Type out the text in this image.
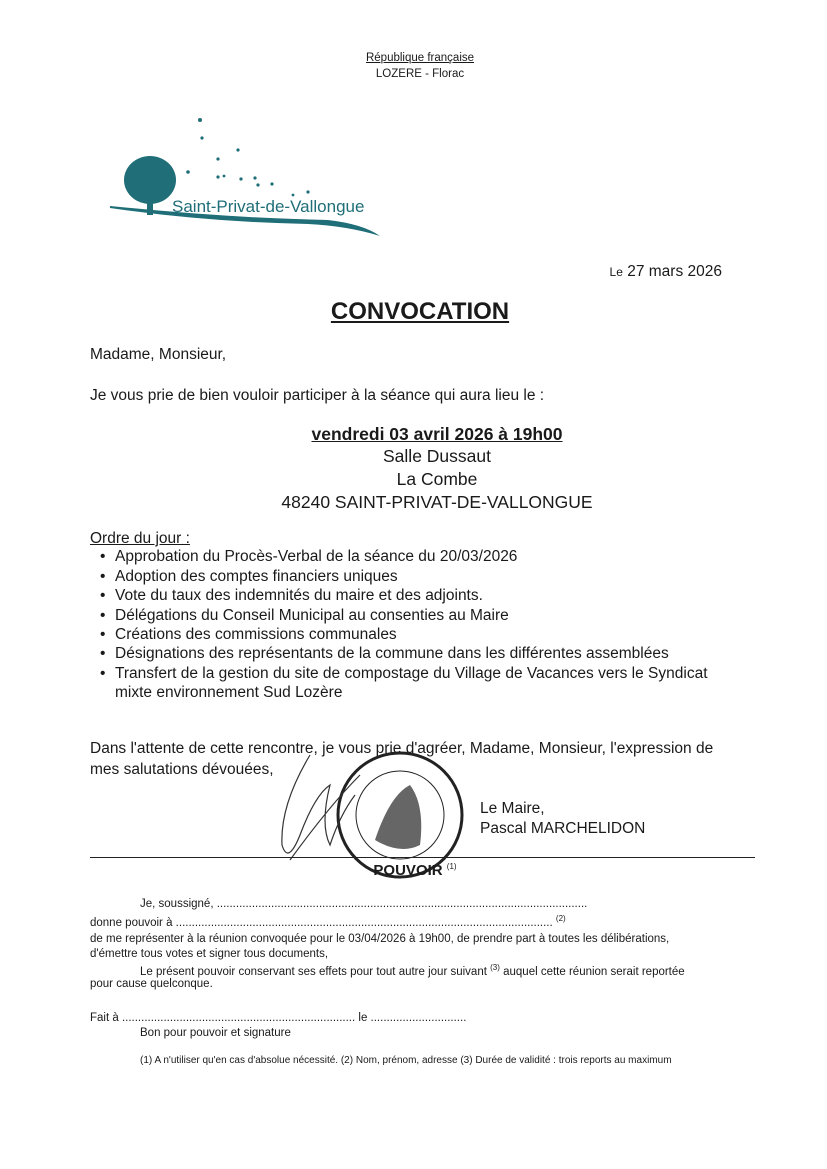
République française
LOZERE - Florac
Saint-Privat-de-Vallongue
Le 27 mars 2026
CONVOCATION
Madame, Monsieur,
Je vous prie de bien vouloir participer à la séance qui aura lieu le :
vendredi 03 avril 2026 à 19h00
Salle Dussaut
La Combe
48240 SAINT-PRIVAT-DE-VALLONGUE
Ordre du jour :
Approbation du Procès-Verbal de la séance du 20/03/2026
Adoption des comptes financiers uniques
Vote du taux des indemnités du maire et des adjoints.
Délégations du Conseil Municipal au consenties au Maire
Créations des commissions communales
Désignations des représentants de la commune dans les différentes assemblées
Transfert de la gestion du site de compostage du Village de Vacances vers le Syndicat
mixte environnement Sud Lozère
Dans l'attente de cette rencontre, je vous prie d'agréer, Madame, Monsieur, l'expression de
mes salutations dévouées,
Le Maire,
Pascal MARCHELIDON
POUVOIR $^{(1)}$
Je, soussigné, ....................................................................................................................
donne pouvoir à ...................................................................................................................... $^{(2)}$
de me représenter à la réunion convoquée pour le 03/04/2026 à 19h00, de prendre part à toutes les délibérations,
d'émettre tous votes et signer tous documents,
Le présent pouvoir conservant ses effets pour tout autre jour suivant $^{(3)}$ auquel cette réunion serait reportée
pour cause quelconque.
Fait à ......................................................................... le ..............................
Bon pour pouvoir et signature
(1) A n'utiliser qu'en cas d'absolue nécessité. (2) Nom, prénom, adresse (3) Durée de validité : trois reports au maximum
